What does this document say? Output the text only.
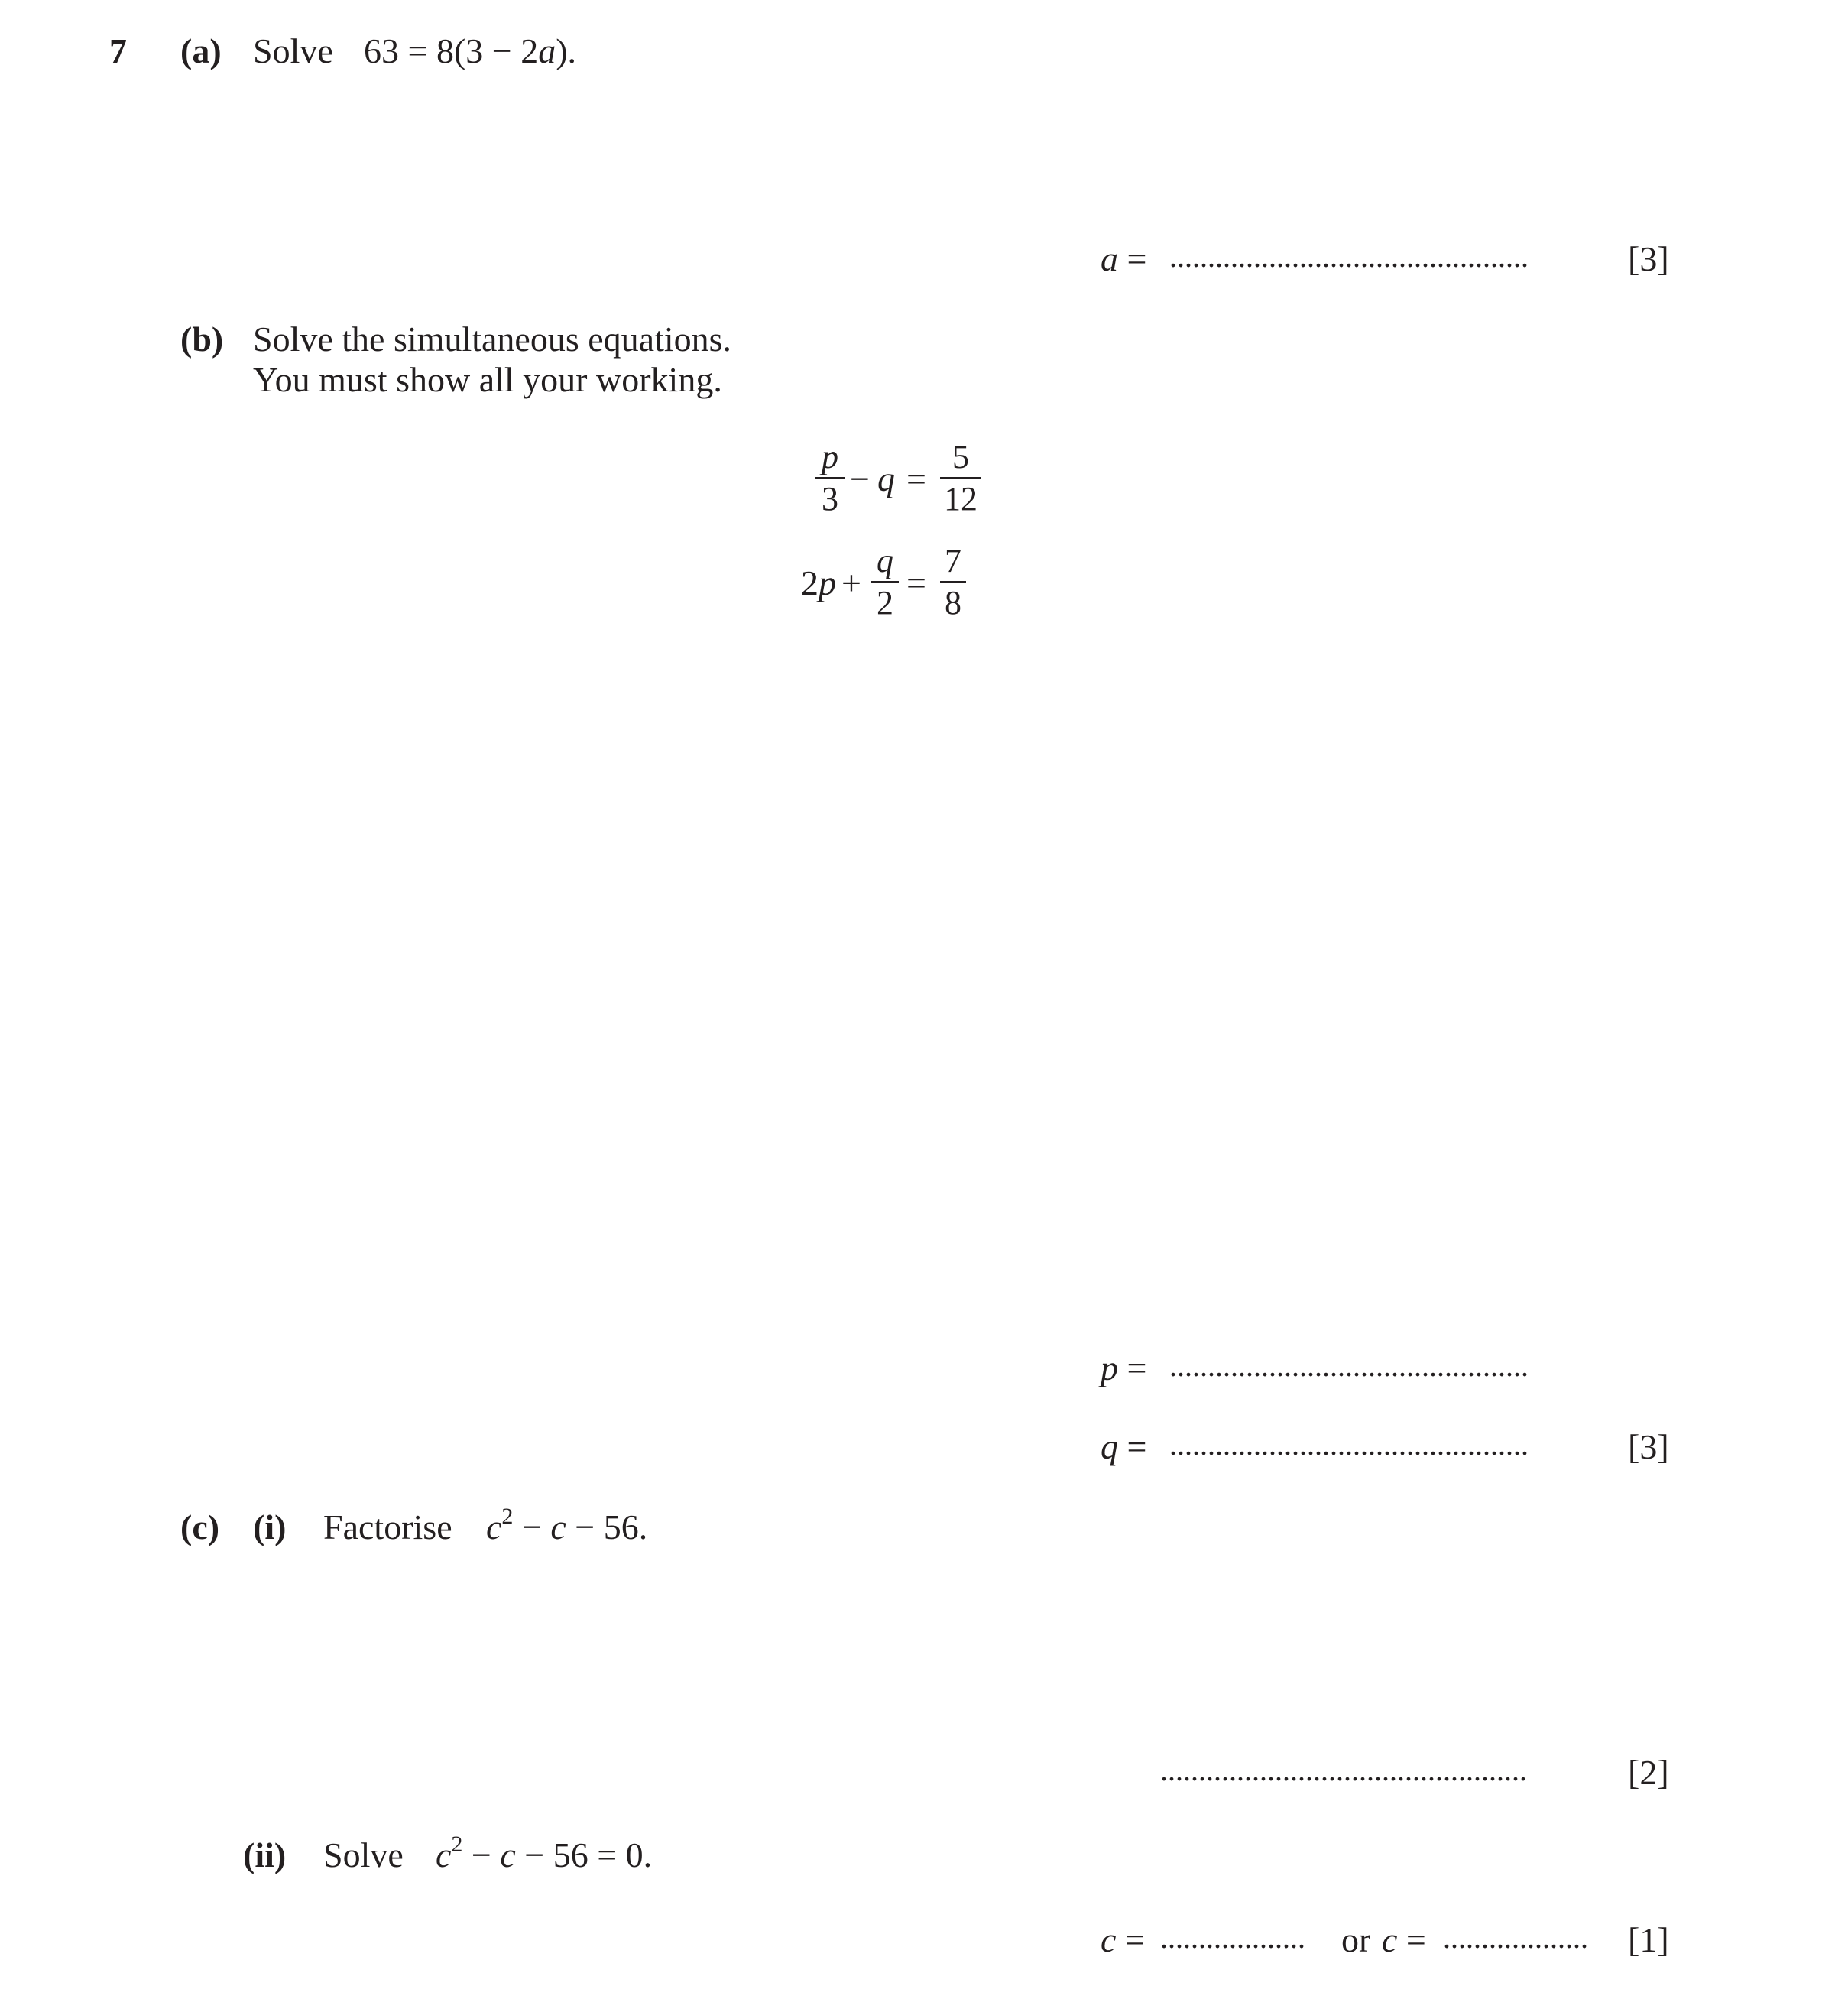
7 (a) Solve 63 = 8(3 − 2a).
a = ...............................................	[3]
(b) Solve the simultaneous equations.
You must show all your working.
p
3
− q =
5
12
2p +
q
2
=
7
8
p = ...............................................
q = ...............................................	[3]
(c) (i) Factorise $c^2 - c - 56$.
................................................	[2]
(ii) Solve $c^2 - c - 56 = 0$.
c = ................... or c = ................... [1]
